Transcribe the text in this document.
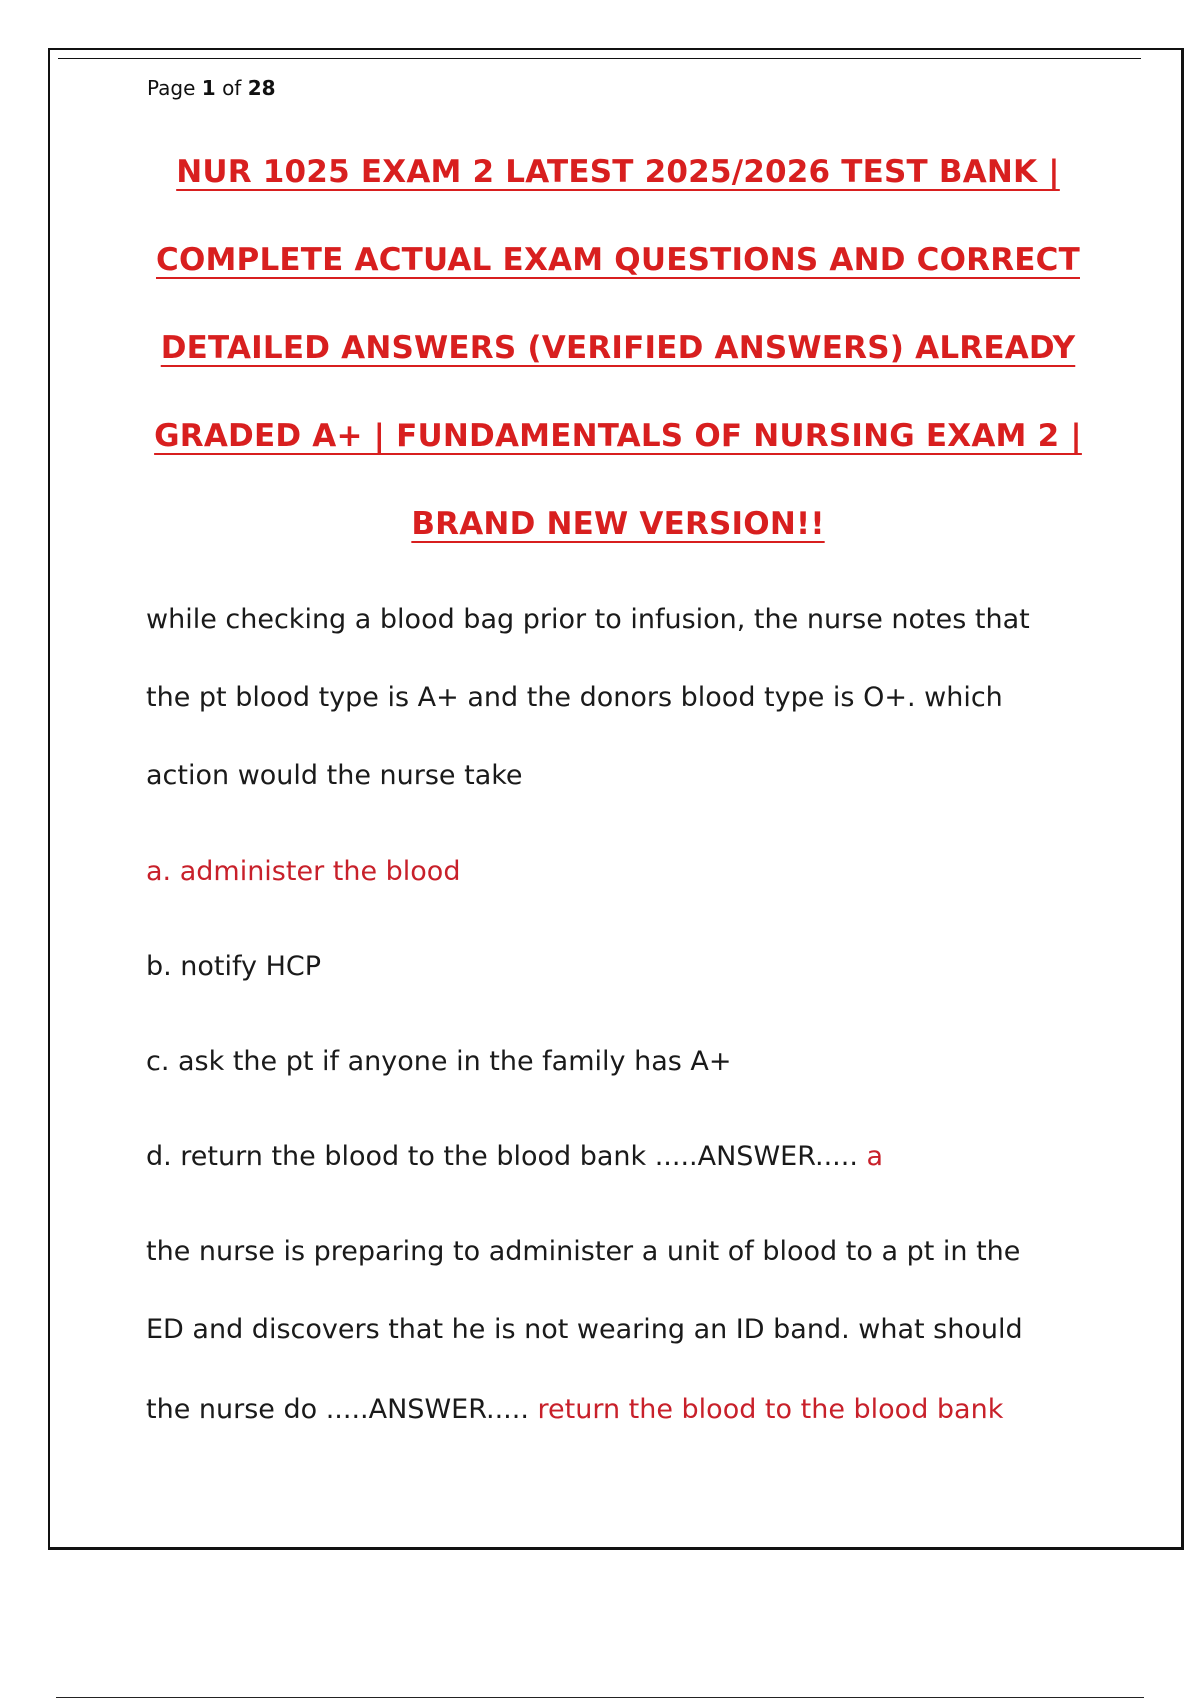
Page 1 of 28
NUR 1025 EXAM 2 LATEST 2025/2026 TEST BANK |
COMPLETE ACTUAL EXAM QUESTIONS AND CORRECT
DETAILED ANSWERS (VERIFIED ANSWERS) ALREADY
GRADED A+ | FUNDAMENTALS OF NURSING EXAM 2 |
BRAND NEW VERSION!!
while checking a blood bag prior to infusion, the nurse notes that
the pt blood type is A+ and the donors blood type is O+. which
action would the nurse take
a. administer the blood
b. notify HCP
c. ask the pt if anyone in the family has A+
d. return the blood to the blood bank .....ANSWER..... a
the nurse is preparing to administer a unit of blood to a pt in the
ED and discovers that he is not wearing an ID band. what should
the nurse do .....ANSWER..... return the blood to the blood bank
